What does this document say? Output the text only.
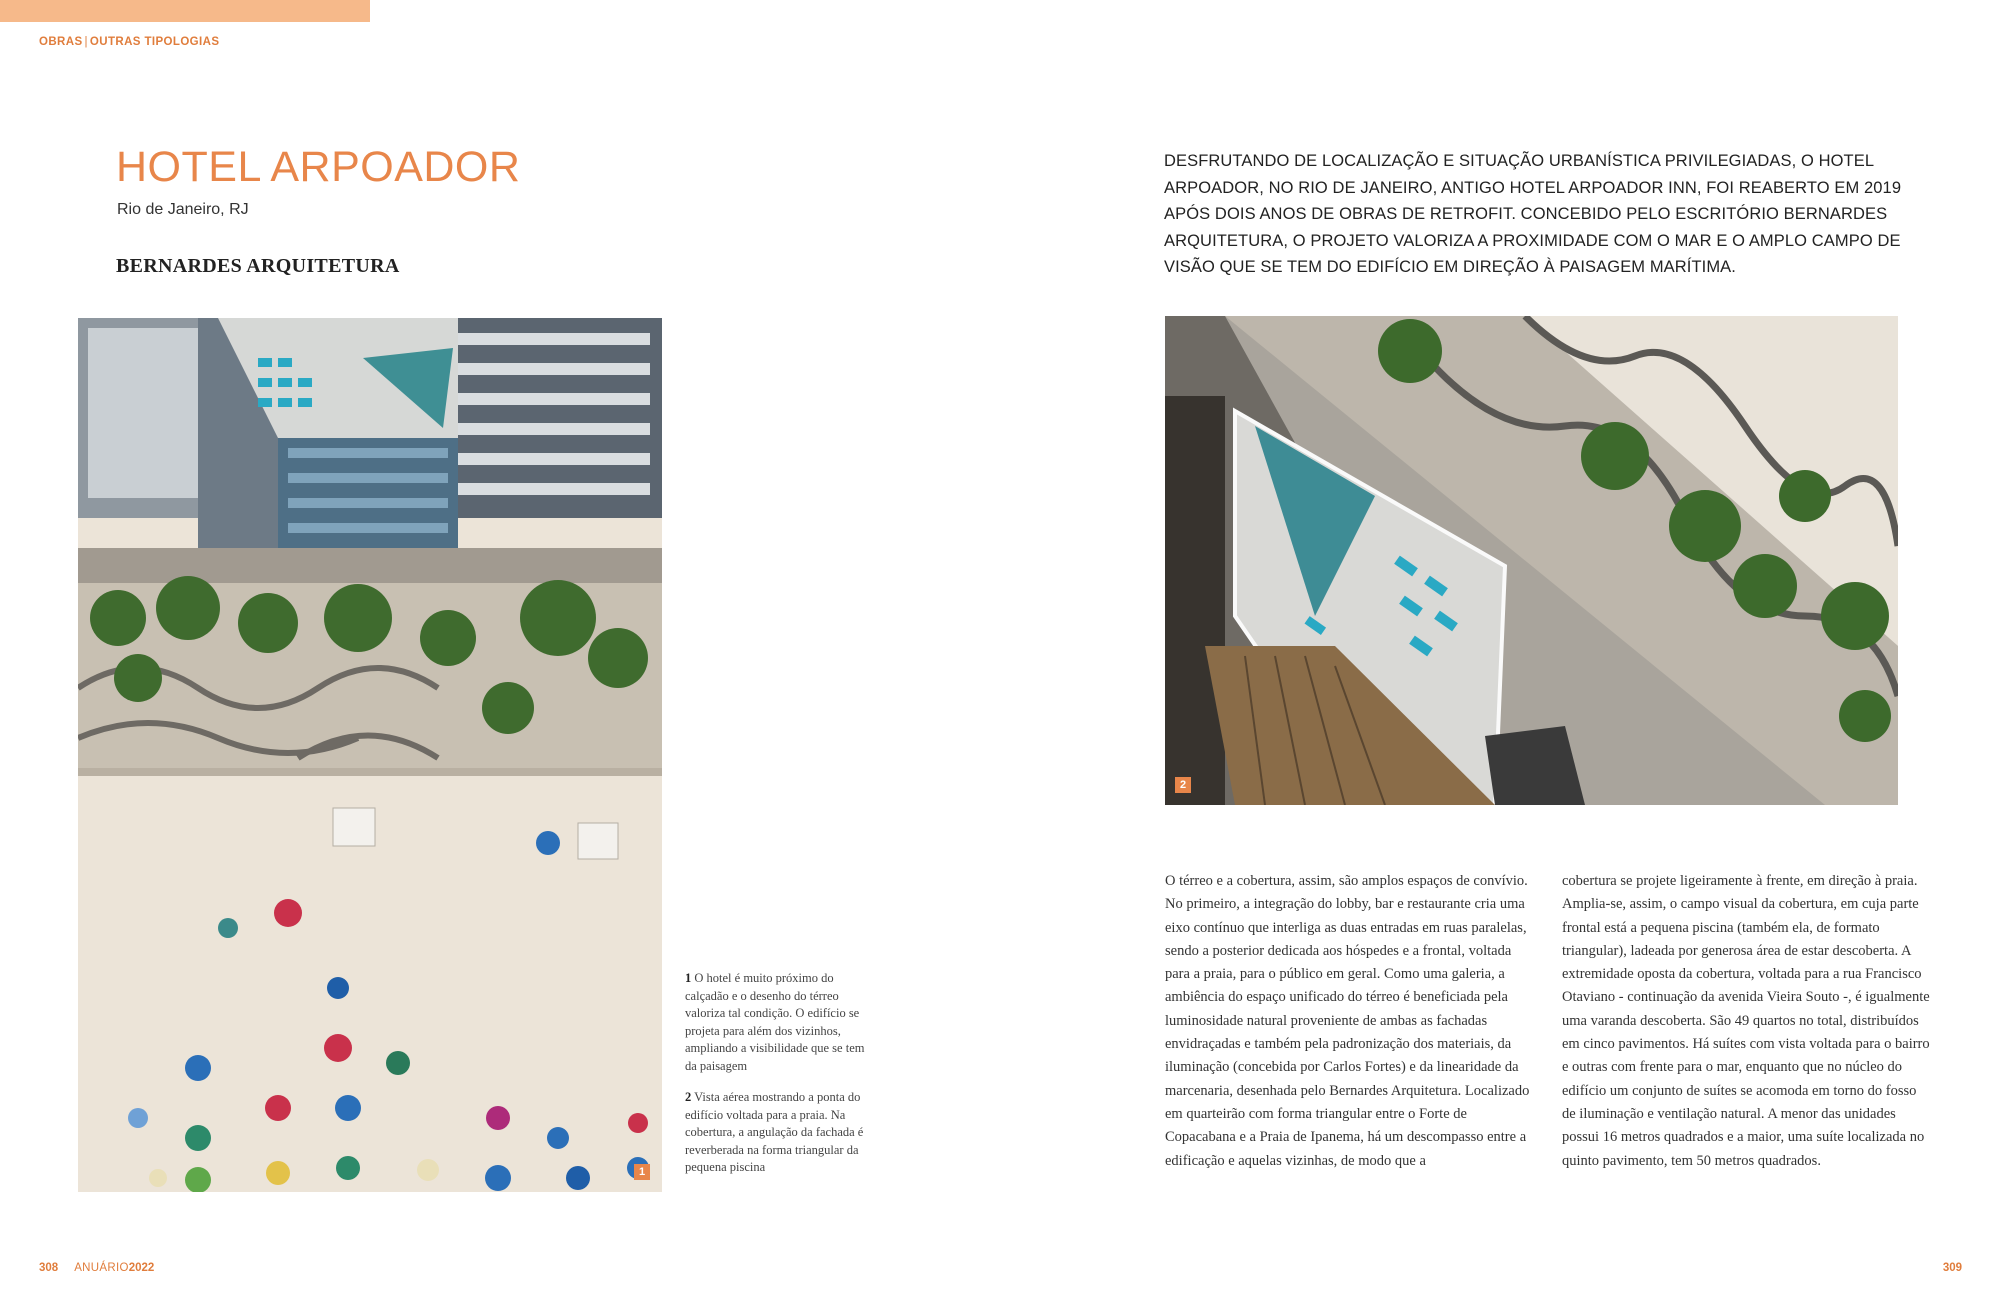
OBRAS | OUTRAS TIPOLOGIAS
HOTEL ARPOADOR
Rio de Janeiro, RJ
BERNARDES ARQUITETURA
DESFRUTANDO DE LOCALIZAÇÃO E SITUAÇÃO URBANÍSTICA PRIVILEGIADAS, O HOTEL ARPOADOR, NO RIO DE JANEIRO, ANTIGO HOTEL ARPOADOR INN, FOI REABERTO EM 2019 APÓS DOIS ANOS DE OBRAS DE RETROFIT. CONCEBIDO PELO ESCRITÓRIO BERNARDES ARQUITETURA, O PROJETO VALORIZA A PROXIMIDADE COM O MAR E O AMPLO CAMPO DE VISÃO QUE SE TEM DO EDIFÍCIO EM DIREÇÃO À PAISAGEM MARÍTIMA.
1
2

1 O hotel é muito próximo do calçadão e o desenho do térreo valoriza tal condição. O edifício se projeta para além dos vizinhos, ampliando a visibilidade que se tem da paisagem

2 Vista aérea mostrando a ponta do edifício voltada para a praia. Na cobertura, a angulação da fachada é reverberada na forma triangular da pequena piscina

O térreo e a cobertura, assim, são amplos espaços de convívio. No primeiro, a integração do lobby, bar e restaurante cria uma eixo contínuo que interliga as duas entradas em ruas paralelas, sendo a posterior dedicada aos hóspedes e a frontal, voltada para a praia, para o público em geral. Como uma galeria, a ambiência do espaço unificado do térreo é beneficiada pela luminosidade natural proveniente de ambas as fachadas envidraçadas e também pela padronização dos materiais, da iluminação (concebida por Carlos Fortes) e da linearidade da marcenaria, desenhada pelo Bernardes Arquitetura. Localizado em quarteirão com forma triangular entre o Forte de Copacabana e a Praia de Ipanema, há um descompasso entre a edificação e aquelas vizinhas, de modo que a

cobertura se projete ligeiramente à frente, em direção à praia. Amplia-se, assim, o campo visual da cobertura, em cuja parte frontal está a pequena piscina (também ela, de formato triangular), ladeada por generosa área de estar descoberta. A extremidade oposta da cobertura, voltada para a rua Francisco Otaviano - continuação da avenida Vieira Souto -, é igualmente uma varanda descoberta. São 49 quartos no total, distribuídos em cinco pavimentos. Há suítes com vista voltada para o bairro e outras com frente para o mar, enquanto que no núcleo do edifício um conjunto de suítes se acomoda em torno do fosso de iluminação e ventilação natural. A menor das unidades possui 16 metros quadrados e a maior, uma suíte localizada no quinto pavimento, tem 50 metros quadrados.

308 ANUÁRIO2022	309
